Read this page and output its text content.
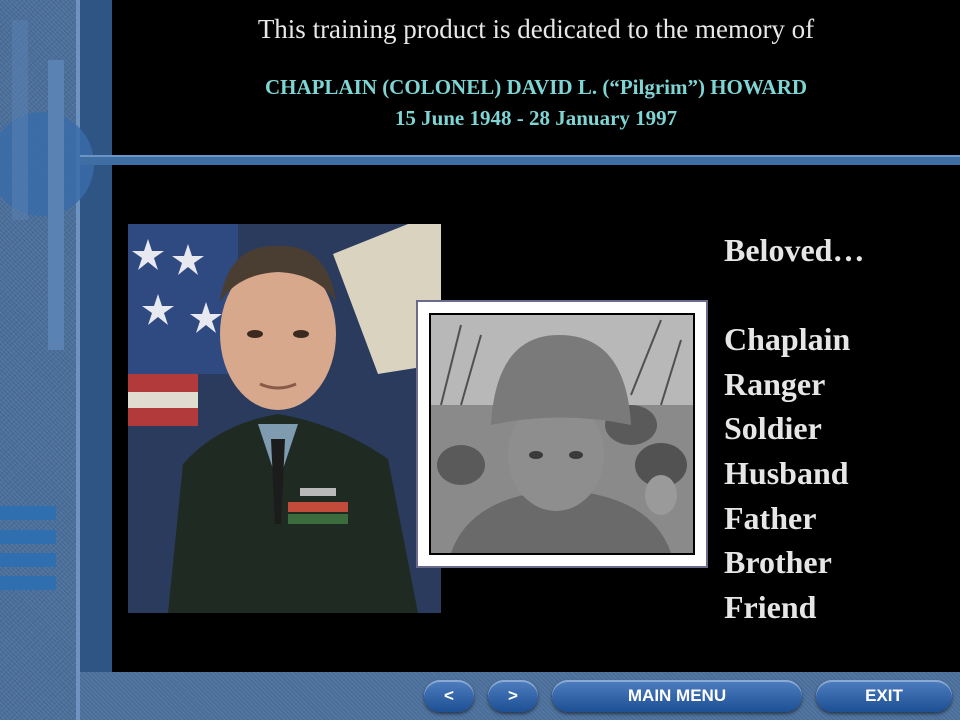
This training product is dedicated to the memory of
CHAPLAIN (COLONEL) DAVID L. (“Pilgrim”) HOWARD
15 June 1948 - 28 January 1997
Beloved…
Chaplain
Ranger
Soldier
Husband
Father
Brother
Friend
<	>	MAIN MENU	EXIT
